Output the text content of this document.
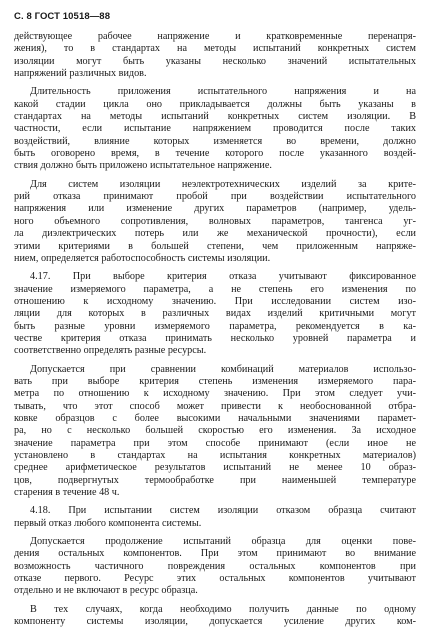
С. 8 ГОСТ 10518—88
действующее рабочее напряжение и кратковременные перенапря-
жения), то в стандартах на методы испытаний конкретных систем
изоляции могут быть указаны несколько значений испытательных
напряжений различных видов.
Длительность приложения испытательного напряжения и на
какой стадии цикла оно прикладывается должны быть указаны в
стандартах на методы испытаний конкретных систем изоляции. В
частности, если испытание напряжением проводится после таких
воздействий, влияние которых изменяется во времени, должно
быть оговорено время, в течение которого после указанного воздей-
ствия должно быть приложено испытательное напряжение.
Для систем изоляции неэлектротехнических изделий за крите-
рий отказа принимают пробой при воздействии испытательного
напряжения или изменение других параметров (например, удель-
ного объемного сопротивления, волновых параметров, тангенса уг-
ла диэлектрических потерь или же механической прочности), если
этими критериями в большей степени, чем приложенным напряже-
нием, определяется работоспособность системы изоляции.
4.17. При выборе критерия отказа учитывают фиксированное
значение измеряемого параметра, а не степень его изменения по
отношению к исходному значению. При исследовании систем изо-
ляции для которых в различных видах изделий критичными могут
быть разные уровни измеряемого параметра, рекомендуется в ка-
честве критерия отказа принимать несколько уровней параметра и
соответственно определять разные ресурсы.
Допускается при сравнении комбинаций материалов использо-
вать при выборе критерия степень изменения измеряемого пара-
метра по отношению к исходному значению. При этом следует учи-
тывать, что этот способ может привести к необоснованной отбра-
ковке образцов с более высокими начальными значениями парамет-
ра, но с несколько большей скоростью его изменения. За исходное
значение параметра при этом способе принимают (если иное не
установлено в стандартах на испытания конкретных материалов)
среднее арифметическое результатов испытаний не менее 10 образ-
цов, подвергнутых термообработке при наименьшей температуре
старения в течение 48 ч.
4.18. При испытании систем изоляции отказом образца считают
первый отказ любого компонента системы.
Допускается продолжение испытаний образца для оценки пове-
дения остальных компонентов. При этом принимают во внимание
возможность частичного повреждения остальных компонентов при
отказе первого. Ресурс этих остальных компонентов учитывают
отдельно и не включают в ресурс образца.
В тех случаях, когда необходимо получить данные по одному
компоненту системы изоляции, допускается усиление других ком-
